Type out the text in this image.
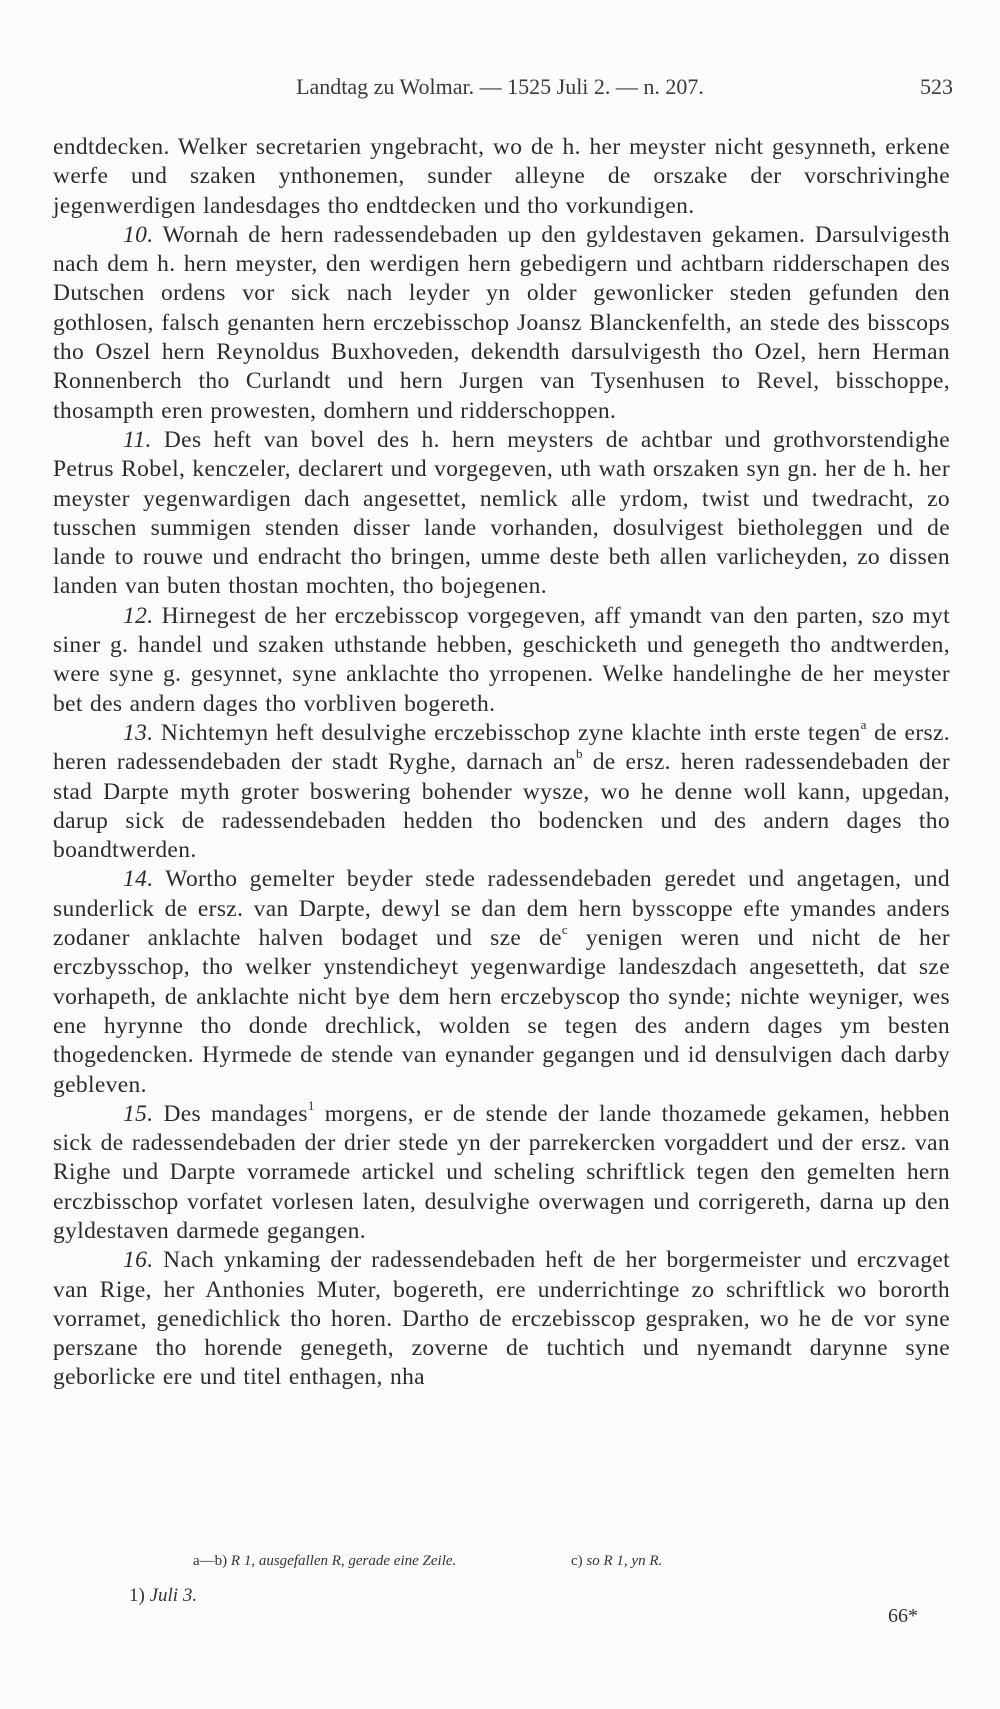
Landtag zu Wolmar. — 1525 Juli 2. — n. 207.	523

endtdecken. Welker secretarien yngebracht, wo de h. her meyster nicht gesynneth, erkene werfe und szaken ynthonemen, sunder alleyne de orszake der vorschrivinghe jegenwerdigen landesdages tho endtdecken und tho vorkundigen.

10. Wornah de hern radessendebaden up den gyldestaven gekamen. Darsulvigesth nach dem h. hern meyster, den werdigen hern gebedigern und achtbarn ridderschapen des Dutschen ordens vor sick nach leyder yn older gewonlicker steden gefunden den gothlosen, falsch genanten hern erczebisschop Joansz Blanckenfelth, an stede des bisscops tho Oszel hern Reynoldus Buxhoveden, dekendth darsulvigesth tho Ozel, hern Herman Ronnenberch tho Curlandt und hern Jurgen van Tysenhusen to Revel, bisschoppe, thosampth eren prowesten, domhern und ridderschoppen.

11. Des heft van bovel des h. hern meysters de achtbar und grothvorstendighe Petrus Robel, kenczeler, declarert und vorgegeven, uth wath orszaken syn gn. her de h. her meyster yegenwardigen dach angesettet, nemlick alle yrdom, twist und twedracht, zo tusschen summigen stenden disser lande vorhanden, dosulvigest bietholeggen und de lande to rouwe und endracht tho bringen, umme deste beth allen varlicheyden, zo dissen landen van buten thostan mochten, tho bojegenen.

12. Hirnegest de her erczebisscop vorgegeven, aff ymandt van den parten, szo myt siner g. handel und szaken uthstande hebben, geschicketh und genegeth tho andtwerden, were syne g. gesynnet, syne anklachte tho yrropenen. Welke handelinghe de her meyster bet des andern dages tho vorbliven bogereth.

13. Nichtemyn heft desulvighe erczebisschop zyne klachte inth erste tegen$^a$ de ersz. heren radessendebaden der stadt Ryghe, darnach $an^b$ de ersz. heren radessendebaden der stad Darpte myth groter boswering bohender wysze, wo he denne woll kann, upgedan, darup sick de radessendebaden hedden tho bodencken und des andern dages tho boandtwerden.

14. Wortho gemelter beyder stede radessendebaden geredet und angetagen, und sunderlick de ersz. van Darpte, dewyl se dan dem hern bysscoppe efte ymandes anders zodaner anklachte halven bodaget und sze $de^c$ yenigen weren und nicht de her erczbysschop, tho welker ynstendicheyt yegenwardige landeszdach angesetteth, dat sze vorhapeth, de anklachte nicht bye dem hern erczebyscop tho synde; nichte weyniger, wes ene hyrynne tho donde drechlick, wolden se tegen des andern dages ym besten thogedencken. Hyrmede de stende van eynander gegangen und id densulvigen dach darby gebleven.

15. Des mandages$^1$ morgens, er de stende der lande thozamede gekamen, hebben sick de radessendebaden der drier stede yn der parrekercken vorgaddert und der ersz. van Righe und Darpte vorramede artickel und scheling schriftlick tegen den gemelten hern erczbisschop vorfatet vorlesen laten, desulvighe overwagen und corrigereth, darna up den gyldestaven darmede gegangen.

16. Nach ynkaming der radessendebaden heft de her borgermeister und erczvaget van Rige, her Anthonies Muter, bogereth, ere underrichtinge zo schriftlick wo bororth vorramet, genedichlick tho horen. Dartho de erczebisscop gespraken, wo he de vor syne perszane tho horende genegeth, zoverne de tuchtich und nyemandt darynne syne geborlicke ere und titel enthagen, nha

a—b) R 1, ausgefallen R, gerade eine Zeile.	c) so R 1, yn R.
1) Juli 3.
66*
